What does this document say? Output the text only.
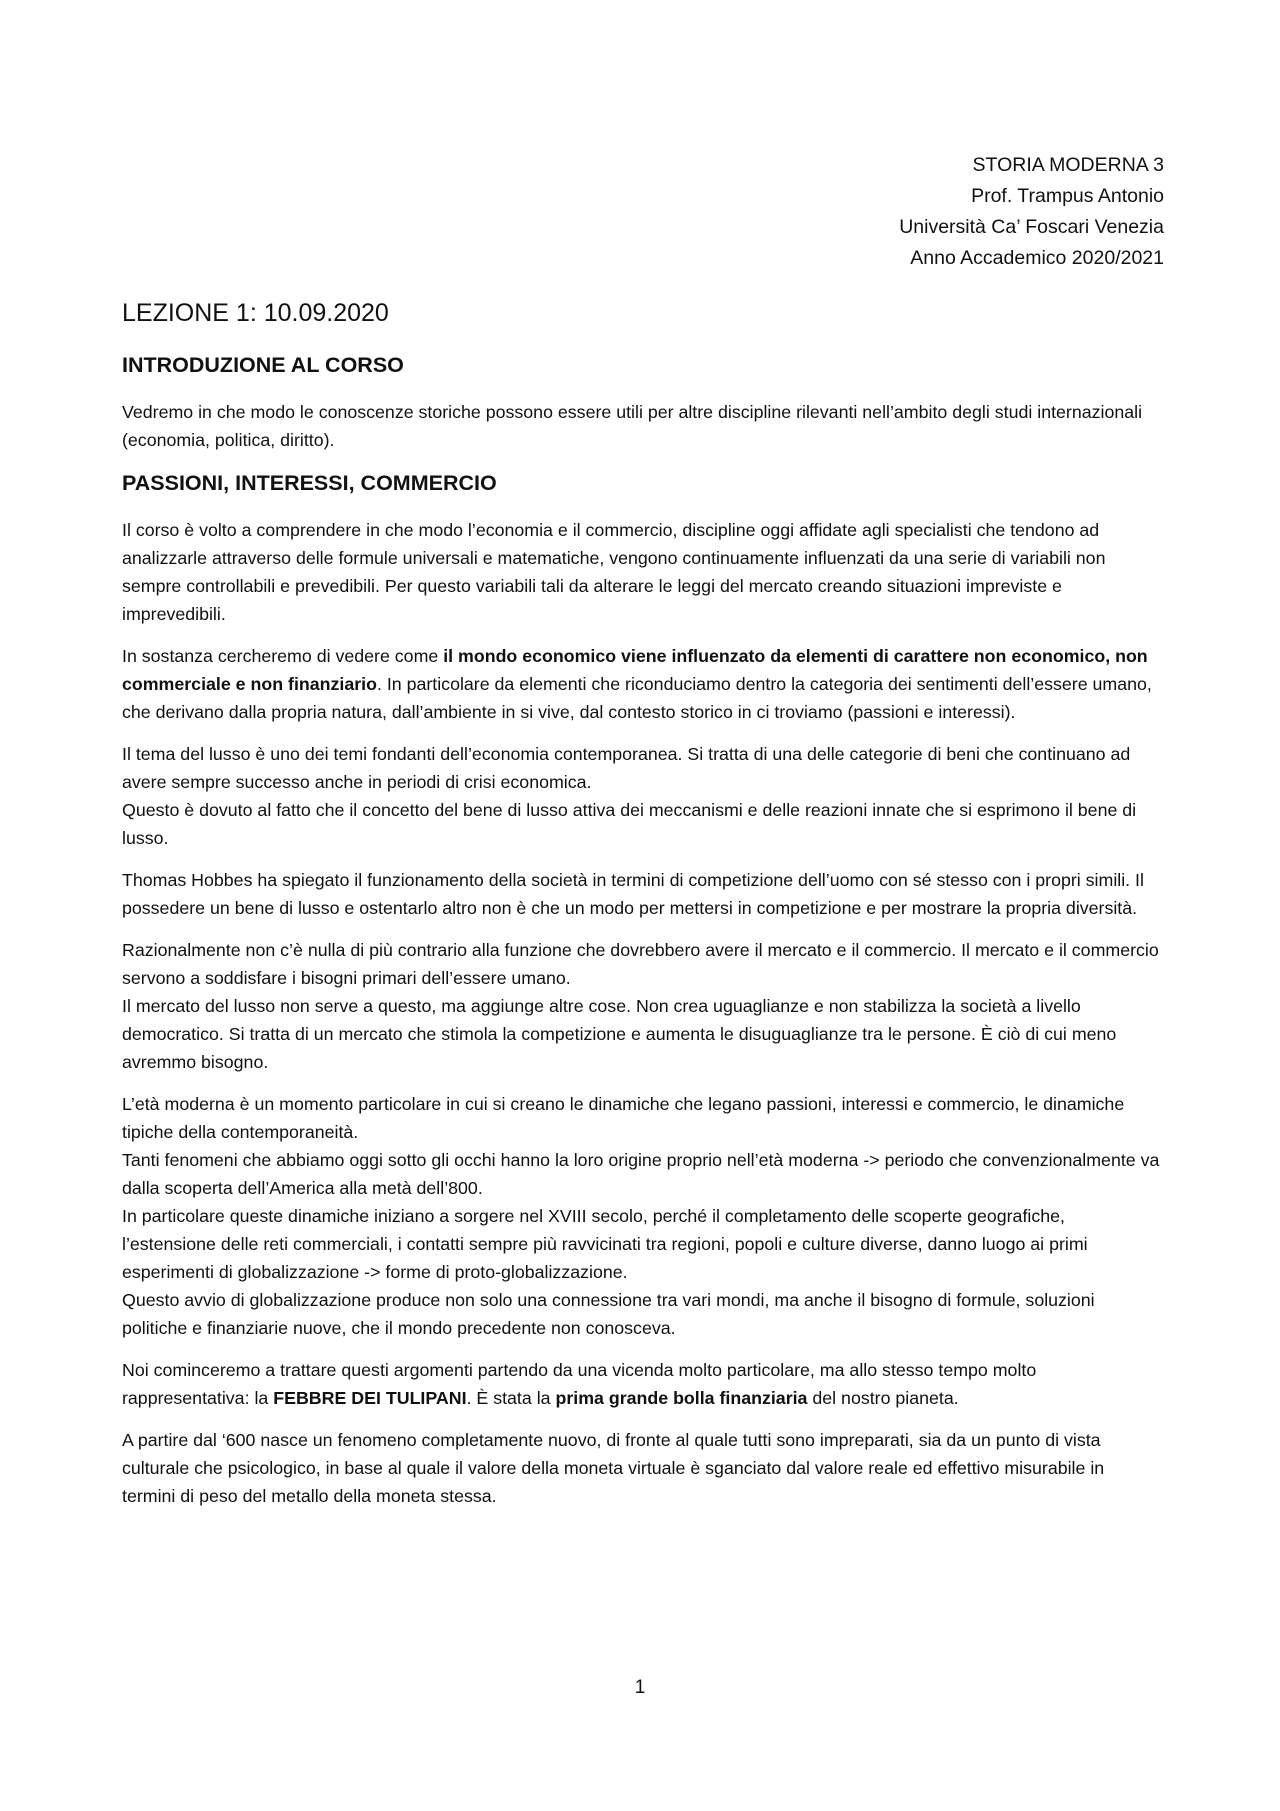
STORIA MODERNA 3
Prof. Trampus Antonio
Università Ca’ Foscari Venezia
Anno Accademico 2020/2021
LEZIONE 1: 10.09.2020
INTRODUZIONE AL CORSO

Vedremo in che modo le conoscenze storiche possono essere utili per altre discipline rilevanti nell’ambito degli studi internazionali (economia, politica, diritto).

PASSIONI, INTERESSI, COMMERCIO

Il corso è volto a comprendere in che modo l’economia e il commercio, discipline oggi affidate agli specialisti che tendono ad analizzarle attraverso delle formule universali e matematiche, vengono continuamente influenzati da una serie di variabili non sempre controllabili e prevedibili. Per questo variabili tali da alterare le leggi del mercato creando situazioni impreviste e imprevedibili.

In sostanza cercheremo di vedere come il mondo economico viene influenzato da elementi di carattere non economico, non commerciale e non finanziario. In particolare da elementi che riconduciamo dentro la categoria dei sentimenti dell’essere umano, che derivano dalla propria natura, dall’ambiente in si vive, dal contesto storico in ci troviamo (passioni e interessi).

Il tema del lusso è uno dei temi fondanti dell’economia contemporanea. Si tratta di una delle categorie di beni che continuano ad avere sempre successo anche in periodi di crisi economica.
Questo è dovuto al fatto che il concetto del bene di lusso attiva dei meccanismi e delle reazioni innate che si esprimono il bene di lusso.

Thomas Hobbes ha spiegato il funzionamento della società in termini di competizione dell’uomo con sé stesso con i propri simili. Il possedere un bene di lusso e ostentarlo altro non è che un modo per mettersi in competizione e per mostrare la propria diversità.

Razionalmente non c’è nulla di più contrario alla funzione che dovrebbero avere il mercato e il commercio. Il mercato e il commercio servono a soddisfare i bisogni primari dell’essere umano.
Il mercato del lusso non serve a questo, ma aggiunge altre cose. Non crea uguaglianze e non stabilizza la società a livello democratico. Si tratta di un mercato che stimola la competizione e aumenta le disuguaglianze tra le persone. È ciò di cui meno avremmo bisogno.

L’età moderna è un momento particolare in cui si creano le dinamiche che legano passioni, interessi e commercio, le dinamiche tipiche della contemporaneità.
Tanti fenomeni che abbiamo oggi sotto gli occhi hanno la loro origine proprio nell’età moderna -> periodo che convenzionalmente va dalla scoperta dell’America alla metà dell’800.
In particolare queste dinamiche iniziano a sorgere nel XVIII secolo, perché il completamento delle scoperte geografiche, l’estensione delle reti commerciali, i contatti sempre più ravvicinati tra regioni, popoli e culture diverse, danno luogo ai primi esperimenti di globalizzazione -> forme di proto-globalizzazione.
Questo avvio di globalizzazione produce non solo una connessione tra vari mondi, ma anche il bisogno di formule, soluzioni politiche e finanziarie nuove, che il mondo precedente non conosceva.

Noi cominceremo a trattare questi argomenti partendo da una vicenda molto particolare, ma allo stesso tempo molto rappresentativa: la FEBBRE DEI TULIPANI. È stata la prima grande bolla finanziaria del nostro pianeta.

A partire dal ‘600 nasce un fenomeno completamente nuovo, di fronte al quale tutti sono impreparati, sia da un punto di vista culturale che psicologico, in base al quale il valore della moneta virtuale è sganciato dal valore reale ed effettivo misurabile in termini di peso del metallo della moneta stessa.

1
